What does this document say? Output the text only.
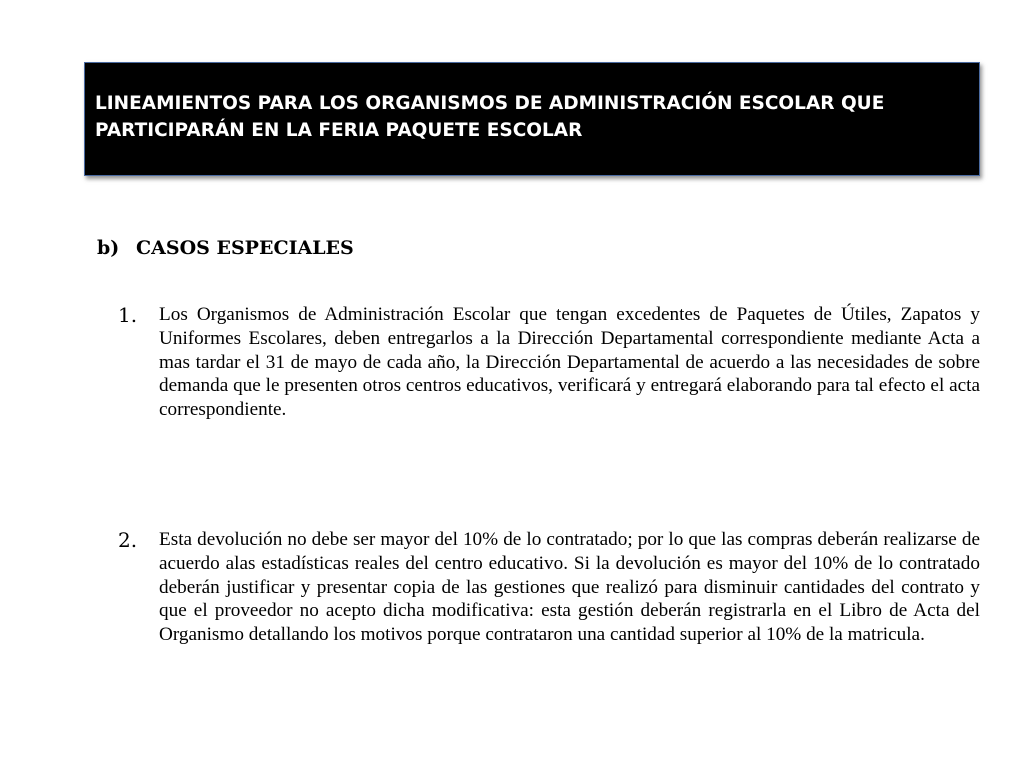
LINEAMIENTOS PARA LOS ORGANISMOS DE ADMINISTRACIÓN ESCOLAR QUE PARTICIPARÁN EN LA FERIA PAQUETE ESCOLAR
b) CASOS ESPECIALES
1.	Los Organismos de Administración Escolar que tengan excedentes de Paquetes de Útiles, Zapatos y Uniformes Escolares, deben entregarlos a la Dirección Departamental correspondiente mediante Acta a mas tardar el 31 de mayo de cada año, la Dirección Departamental de acuerdo a las necesidades de sobre demanda que le presenten otros centros educativos, verificará y entregará elaborando para tal efecto el acta correspondiente.

2.	Esta devolución no debe ser mayor del 10% de lo contratado; por lo que las compras deberán realizarse de acuerdo alas estadísticas reales del centro educativo. Si la devolución es mayor del 10% de lo contratado deberán justificar y presentar copia de las gestiones que realizó para disminuir cantidades del contrato y que el proveedor no acepto dicha modificativa: esta gestión deberán registrarla en el Libro de Acta del Organismo detallando los motivos porque contrataron una cantidad superior al 10% de la matricula.
